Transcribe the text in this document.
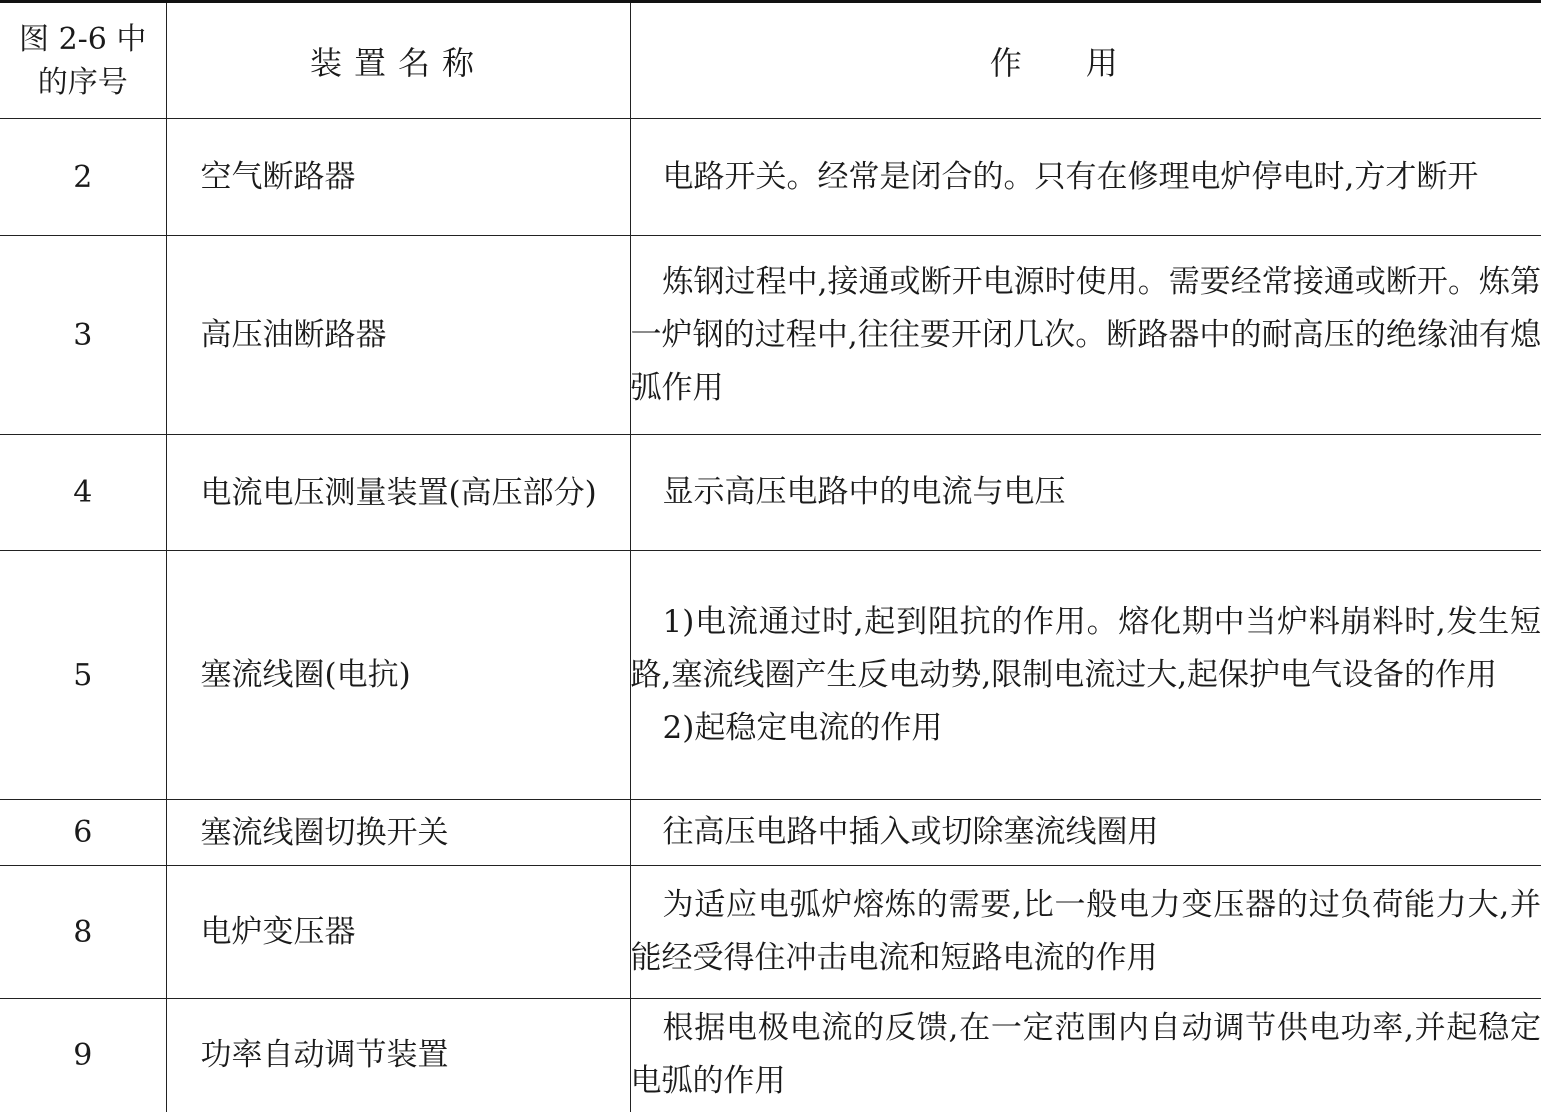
图 2-6 中
的序号	装置名称	作用
2	空气断路器	电路开关。经常是闭合的。只有在修理电炉停电时,方才断开

3	高压油断路器	炼钢过程中,接通或断开电源时使用。需要经常接通或断开。炼第一炉钢的过程中,往往要开闭几次。断路器中的耐高压的绝缘油有熄弧作用

4	电流电压测量装置(高压部分)	显示高压电路中的电流与电压

5	塞流线圈(电抗)	1)电流通过时,起到阻抗的作用。熔化期中当炉料崩料时,发生短路,塞流线圈产生反电动势,限制电流过大,起保护电气设备的作用

2)起稳定电流的作用

6	塞流线圈切换开关	往高压电路中插入或切除塞流线圈用

8	电炉变压器	为适应电弧炉熔炼的需要,比一般电力变压器的过负荷能力大,并能经受得住冲击电流和短路电流的作用

9	功率自动调节装置	根据电极电流的反馈,在一定范围内自动调节供电功率,并起稳定电弧的作用
